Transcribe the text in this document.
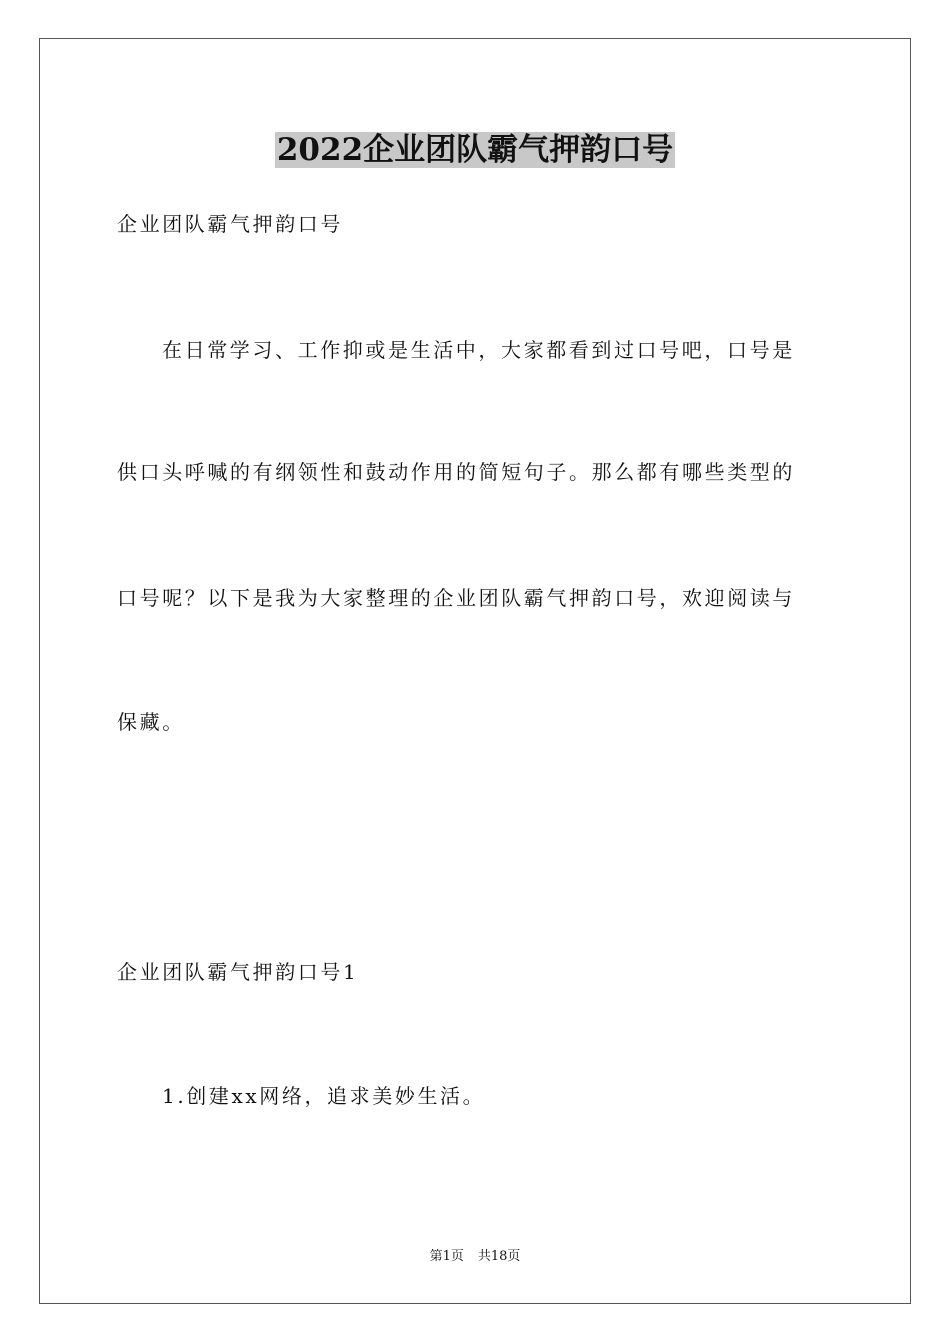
2022企业团队霸气押韵口号
企业团队霸气押韵口号
在日常学习、工作抑或是生活中，大家都看到过口号吧，口号是
供口头呼喊的有纲领性和鼓动作用的简短句子。那么都有哪些类型的
口号呢？以下是我为大家整理的企业团队霸气押韵口号，欢迎阅读与
保藏。
企业团队霸气押韵口号1
1.创建xx网络，追求美妙生活。
第1页 共18页
